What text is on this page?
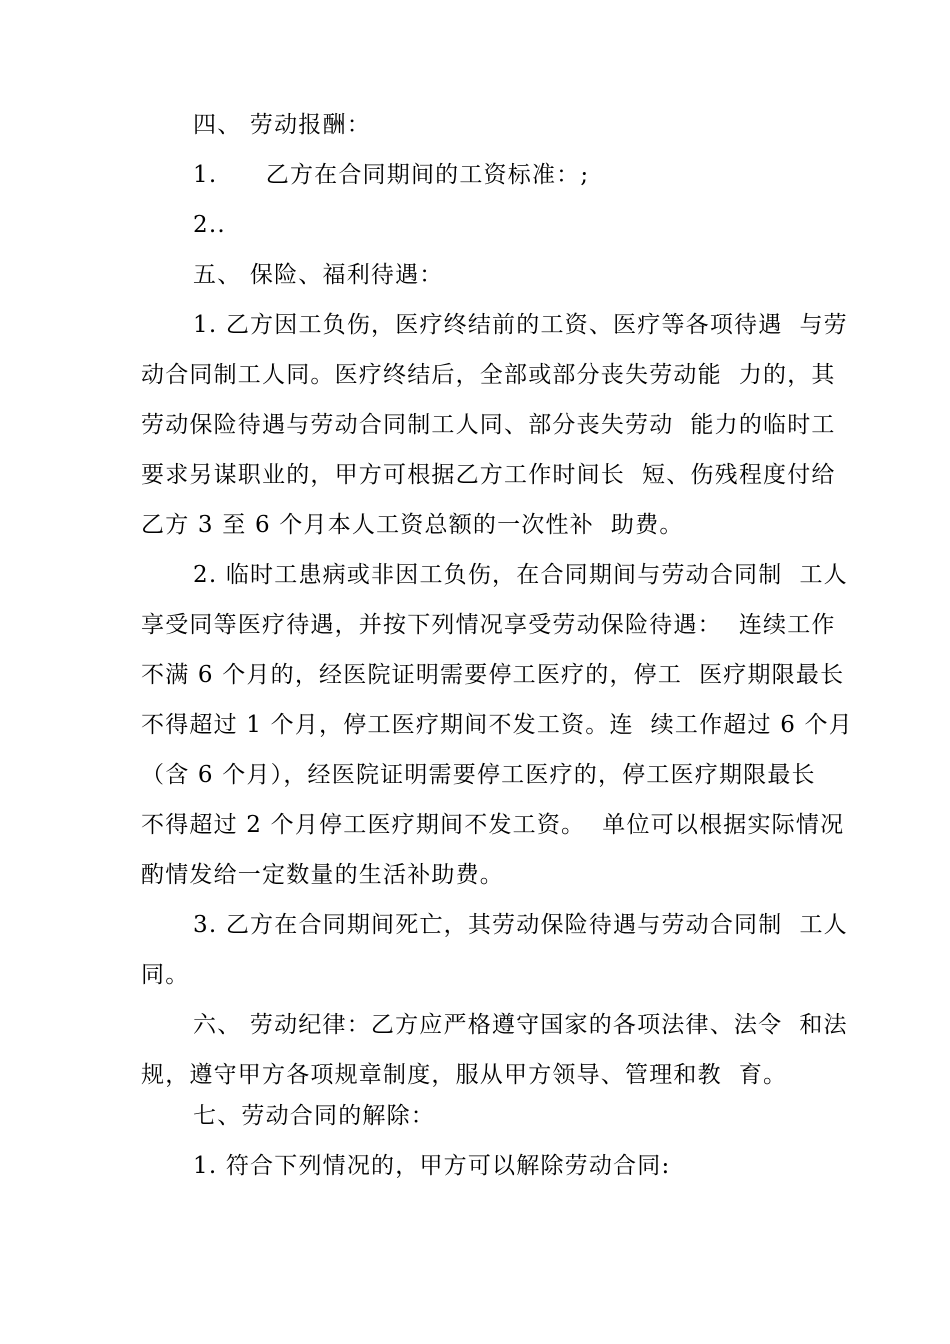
四、 劳动报酬：
1.　　乙方在合同期间的工资标准：;
2..
五、 保险、福利待遇：
1. 乙方因工负伤，医疗终结前的工资、医疗等各项待遇  与劳
动合同制工人同。医疗终结后，全部或部分丧失劳动能  力的，其
劳动保险待遇与劳动合同制工人同、部分丧失劳动  能力的临时工
要求另谋职业的，甲方可根据乙方工作时间长  短、伤残程度付给
乙方 3 至 6 个月本人工资总额的一次性补  助费。
2. 临时工患病或非因工负伤，在合同期间与劳动合同制  工人
享受同等医疗待遇，并按下列情况享受劳动保险待遇：  连续工作
不满 6 个月的，经医院证明需要停工医疗的，停工  医疗期限最长
不得超过 1 个月，停工医疗期间不发工资。连  续工作超过 6 个月
（含 6 个月），经医院证明需要停工医疗的，停工医疗期限最长
不得超过 2 个月停工医疗期间不发工资。  单位可以根据实际情况
酌情发给一定数量的生活补助费。
3. 乙方在合同期间死亡，其劳动保险待遇与劳动合同制  工人
同。
六、 劳动纪律：乙方应严格遵守国家的各项法律、法令  和法
规，遵守甲方各项规章制度，服从甲方领导、管理和教  育。
七、劳动合同的解除：
1. 符合下列情况的，甲方可以解除劳动合同:
